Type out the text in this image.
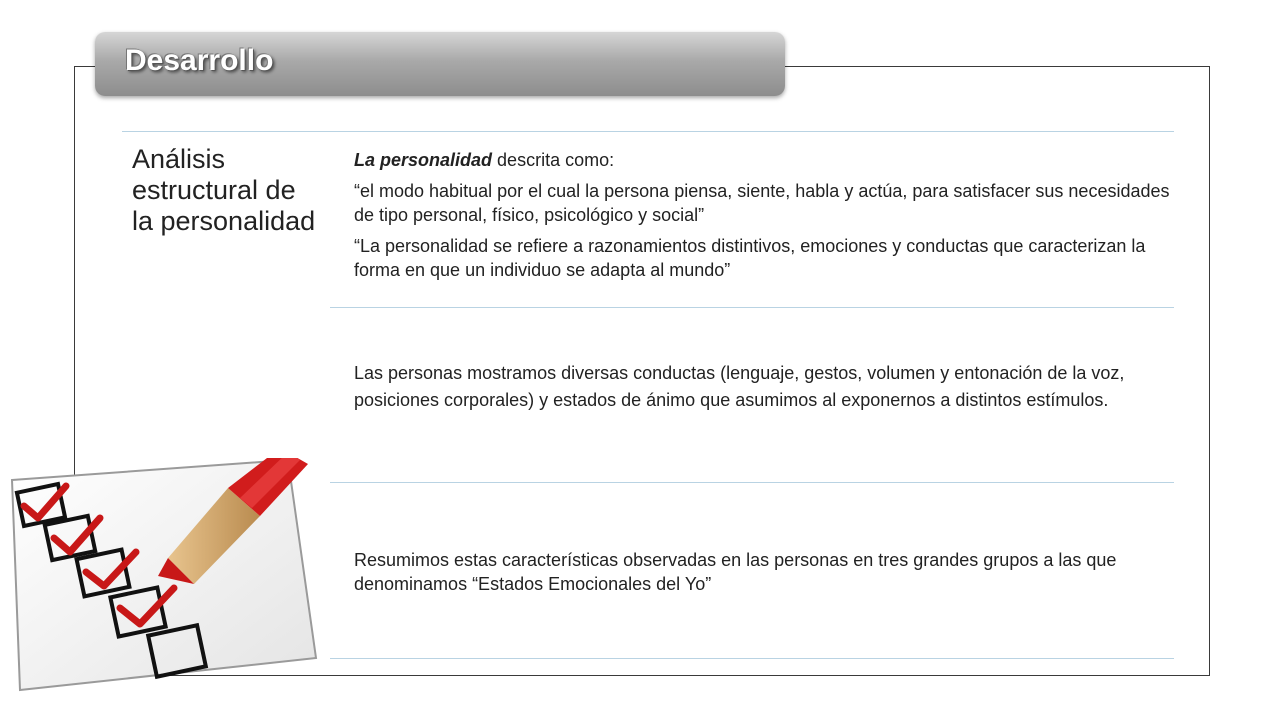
Desarrollo
Análisis estructural de la personalidad

La personalidad descrita como:

“el modo habitual por el cual la persona piensa, siente, habla y actúa, para satisfacer sus necesidades de tipo personal, físico, psicológico y social”

“La personalidad se refiere a razonamientos distintivos, emociones y conductas que caracterizan la forma en que un individuo se adapta al mundo”

Las personas mostramos diversas conductas (lenguaje, gestos, volumen y entonación de la voz, posiciones corporales) y estados de ánimo que asumimos al exponernos a distintos estímulos.
Resumimos estas características observadas en las personas en tres grandes grupos a las que denominamos “Estados Emocionales del Yo”
